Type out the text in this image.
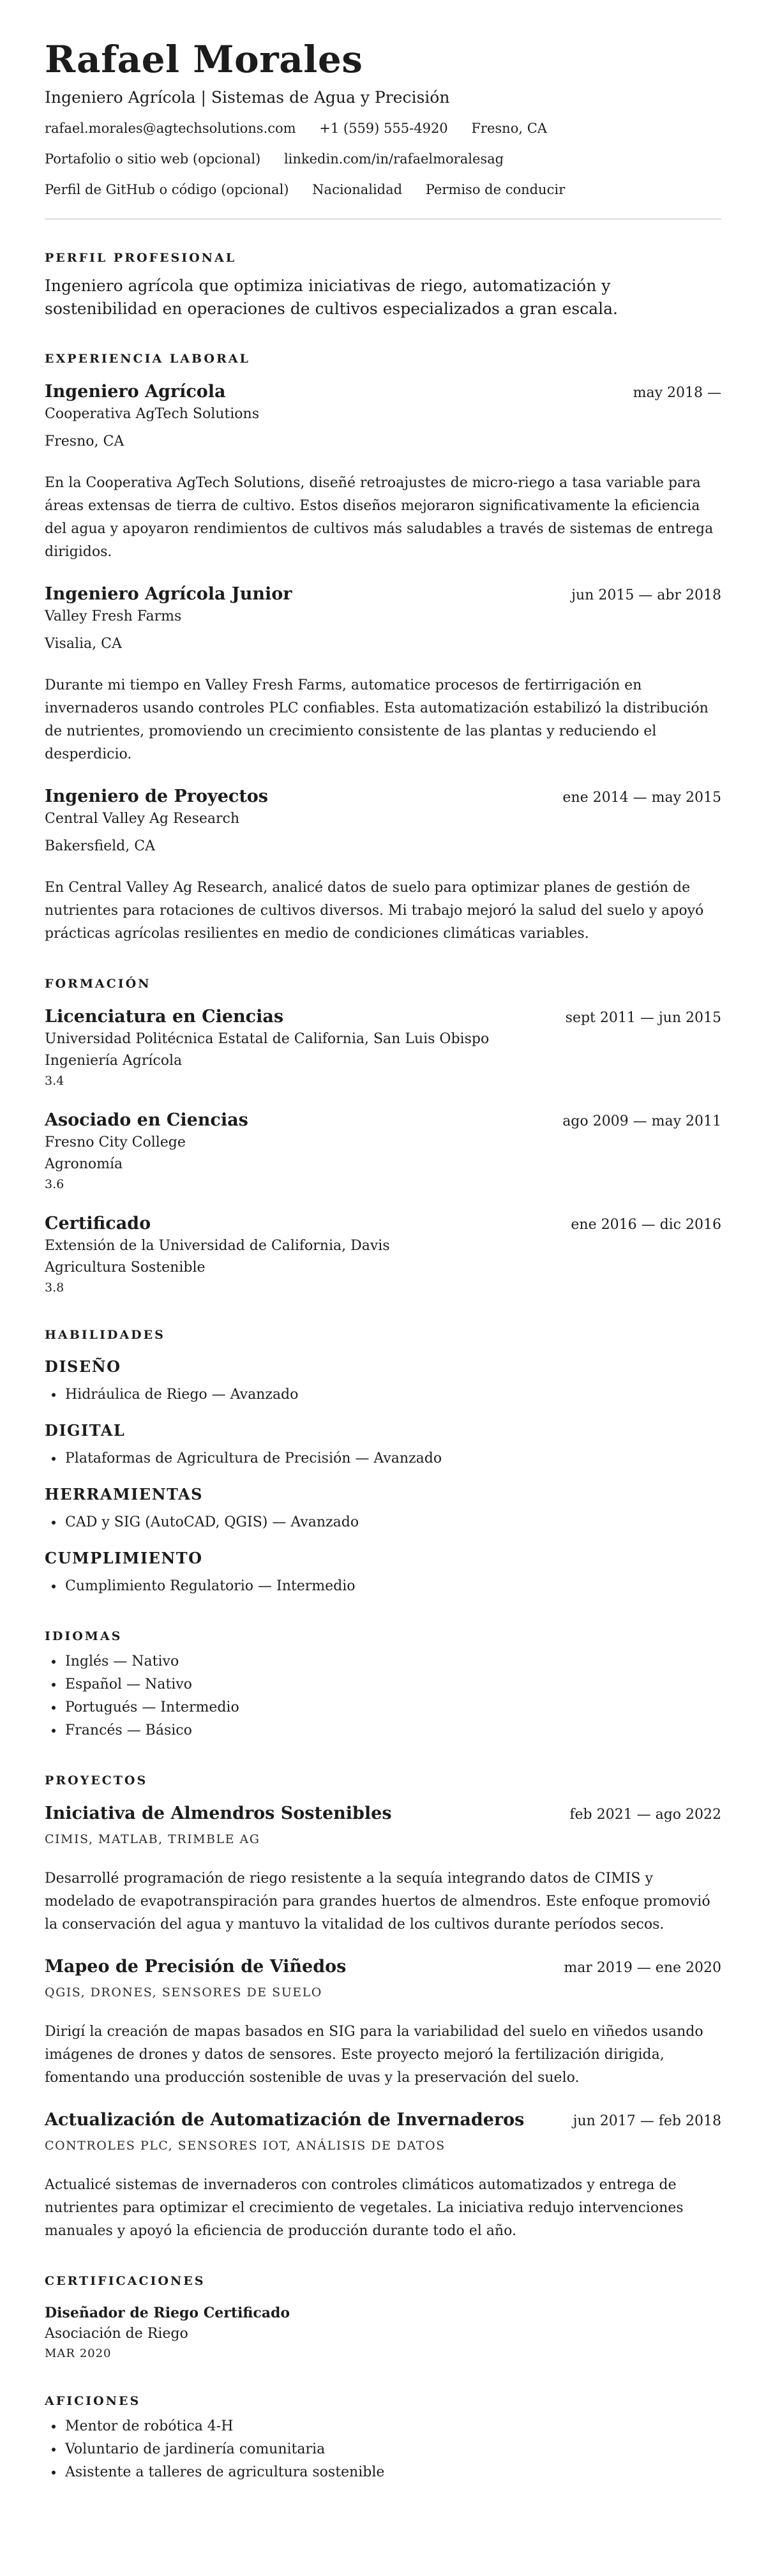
Rafael Morales
Ingeniero Agrícola | Sistemas de Agua y Precisión
rafael.morales@agtechsolutions.com +1 (559) 555-4920 Fresno, CA
Portafolio o sitio web (opcional) linkedin.com/in/rafaelmoralesag
Perfil de GitHub o código (opcional) Nacionalidad Permiso de conducir
PERFIL PROFESIONAL
Ingeniero agrícola que optimiza iniciativas de riego, automatización y sostenibilidad en operaciones de cultivos especializados a gran escala.
EXPERIENCIA LABORAL
Ingeniero Agrícola	may 2018 —
Cooperativa AgTech Solutions
Fresno, CA
En la Cooperativa AgTech Solutions, diseñé retroajustes de micro-riego a tasa variable para áreas extensas de tierra de cultivo. Estos diseños mejoraron significativamente la eficiencia del agua y apoyaron rendimientos de cultivos más saludables a través de sistemas de entrega dirigidos.
Ingeniero Agrícola Junior	jun 2015 — abr 2018
Valley Fresh Farms
Visalia, CA
Durante mi tiempo en Valley Fresh Farms, automatice procesos de fertirrigación en invernaderos usando controles PLC confiables. Esta automatización estabilizó la distribución de nutrientes, promoviendo un crecimiento consistente de las plantas y reduciendo el desperdicio.
Ingeniero de Proyectos	ene 2014 — may 2015
Central Valley Ag Research
Bakersfield, CA
En Central Valley Ag Research, analicé datos de suelo para optimizar planes de gestión de nutrientes para rotaciones de cultivos diversos. Mi trabajo mejoró la salud del suelo y apoyó prácticas agrícolas resilientes en medio de condiciones climáticas variables.
FORMACIÓN
Licenciatura en Ciencias	sept 2011 — jun 2015
Universidad Politécnica Estatal de California, San Luis Obispo
Ingeniería Agrícola
3.4
Asociado en Ciencias	ago 2009 — may 2011
Fresno City College
Agronomía
3.6
Certificado	ene 2016 — dic 2016
Extensión de la Universidad de California, Davis
Agricultura Sostenible
3.8
HABILIDADES
DISEÑO
• Hidráulica de Riego — Avanzado
DIGITAL
• Plataformas de Agricultura de Precisión — Avanzado
HERRAMIENTAS
• CAD y SIG (AutoCAD, QGIS) — Avanzado
CUMPLIMIENTO
• Cumplimiento Regulatorio — Intermedio
IDIOMAS
• Inglés — Nativo
• Español — Nativo
• Portugués — Intermedio
• Francés — Básico
PROYECTOS
Iniciativa de Almendros Sostenibles	feb 2021 — ago 2022
CIMIS, MATLAB, TRIMBLE AG
Desarrollé programación de riego resistente a la sequía integrando datos de CIMIS y modelado de evapotranspiración para grandes huertos de almendros. Este enfoque promovió la conservación del agua y mantuvo la vitalidad de los cultivos durante períodos secos.
Mapeo de Precisión de Viñedos	mar 2019 — ene 2020
QGIS, DRONES, SENSORES DE SUELO
Dirigí la creación de mapas basados en SIG para la variabilidad del suelo en viñedos usando imágenes de drones y datos de sensores. Este proyecto mejoró la fertilización dirigida, fomentando una producción sostenible de uvas y la preservación del suelo.
Actualización de Automatización de Invernaderos	jun 2017 — feb 2018
CONTROLES PLC, SENSORES IOT, ANÁLISIS DE DATOS
Actualicé sistemas de invernaderos con controles climáticos automatizados y entrega de nutrientes para optimizar el crecimiento de vegetales. La iniciativa redujo intervenciones manuales y apoyó la eficiencia de producción durante todo el año.
CERTIFICACIONES
Diseñador de Riego Certificado
Asociación de Riego
MAR 2020
AFICIONES
• Mentor de robótica 4-H
• Voluntario de jardinería comunitaria
• Asistente a talleres de agricultura sostenible
